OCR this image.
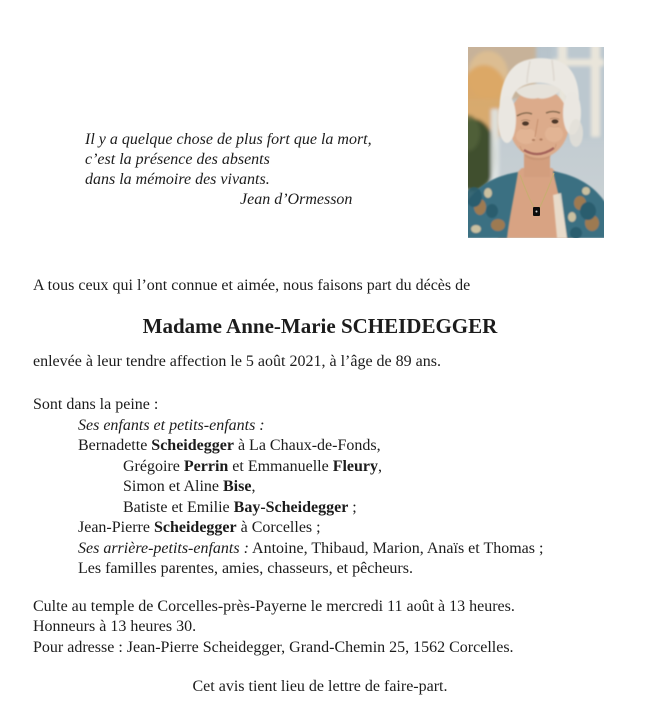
Il y a quelque chose de plus fort que la mort,
c’est la présence des absents
dans la mémoire des vivants.
Jean d’Ormesson
A tous ceux qui l’ont connue et aimée, nous faisons part du décès de
Madame Anne-Marie SCHEIDEGGER
enlevée à leur tendre affection le 5 août 2021, à l’âge de 89 ans.
Sont dans la peine :
Ses enfants et petits-enfants :
Bernadette Scheidegger à La Chaux-de-Fonds,
Grégoire Perrin et Emmanuelle Fleury,
Simon et Aline Bise,
Batiste et Emilie Bay-Scheidegger ;
Jean-Pierre Scheidegger à Corcelles ;
Ses arrière-petits-enfants : Antoine, Thibaud, Marion, Anaïs et Thomas ;
Les familles parentes, amies, chasseurs, et pêcheurs.
Culte au temple de Corcelles-près-Payerne le mercredi 11 août à 13 heures.
Honneurs à 13 heures 30.
Pour adresse : Jean-Pierre Scheidegger, Grand-Chemin 25, 1562 Corcelles.
Cet avis tient lieu de lettre de faire-part.
